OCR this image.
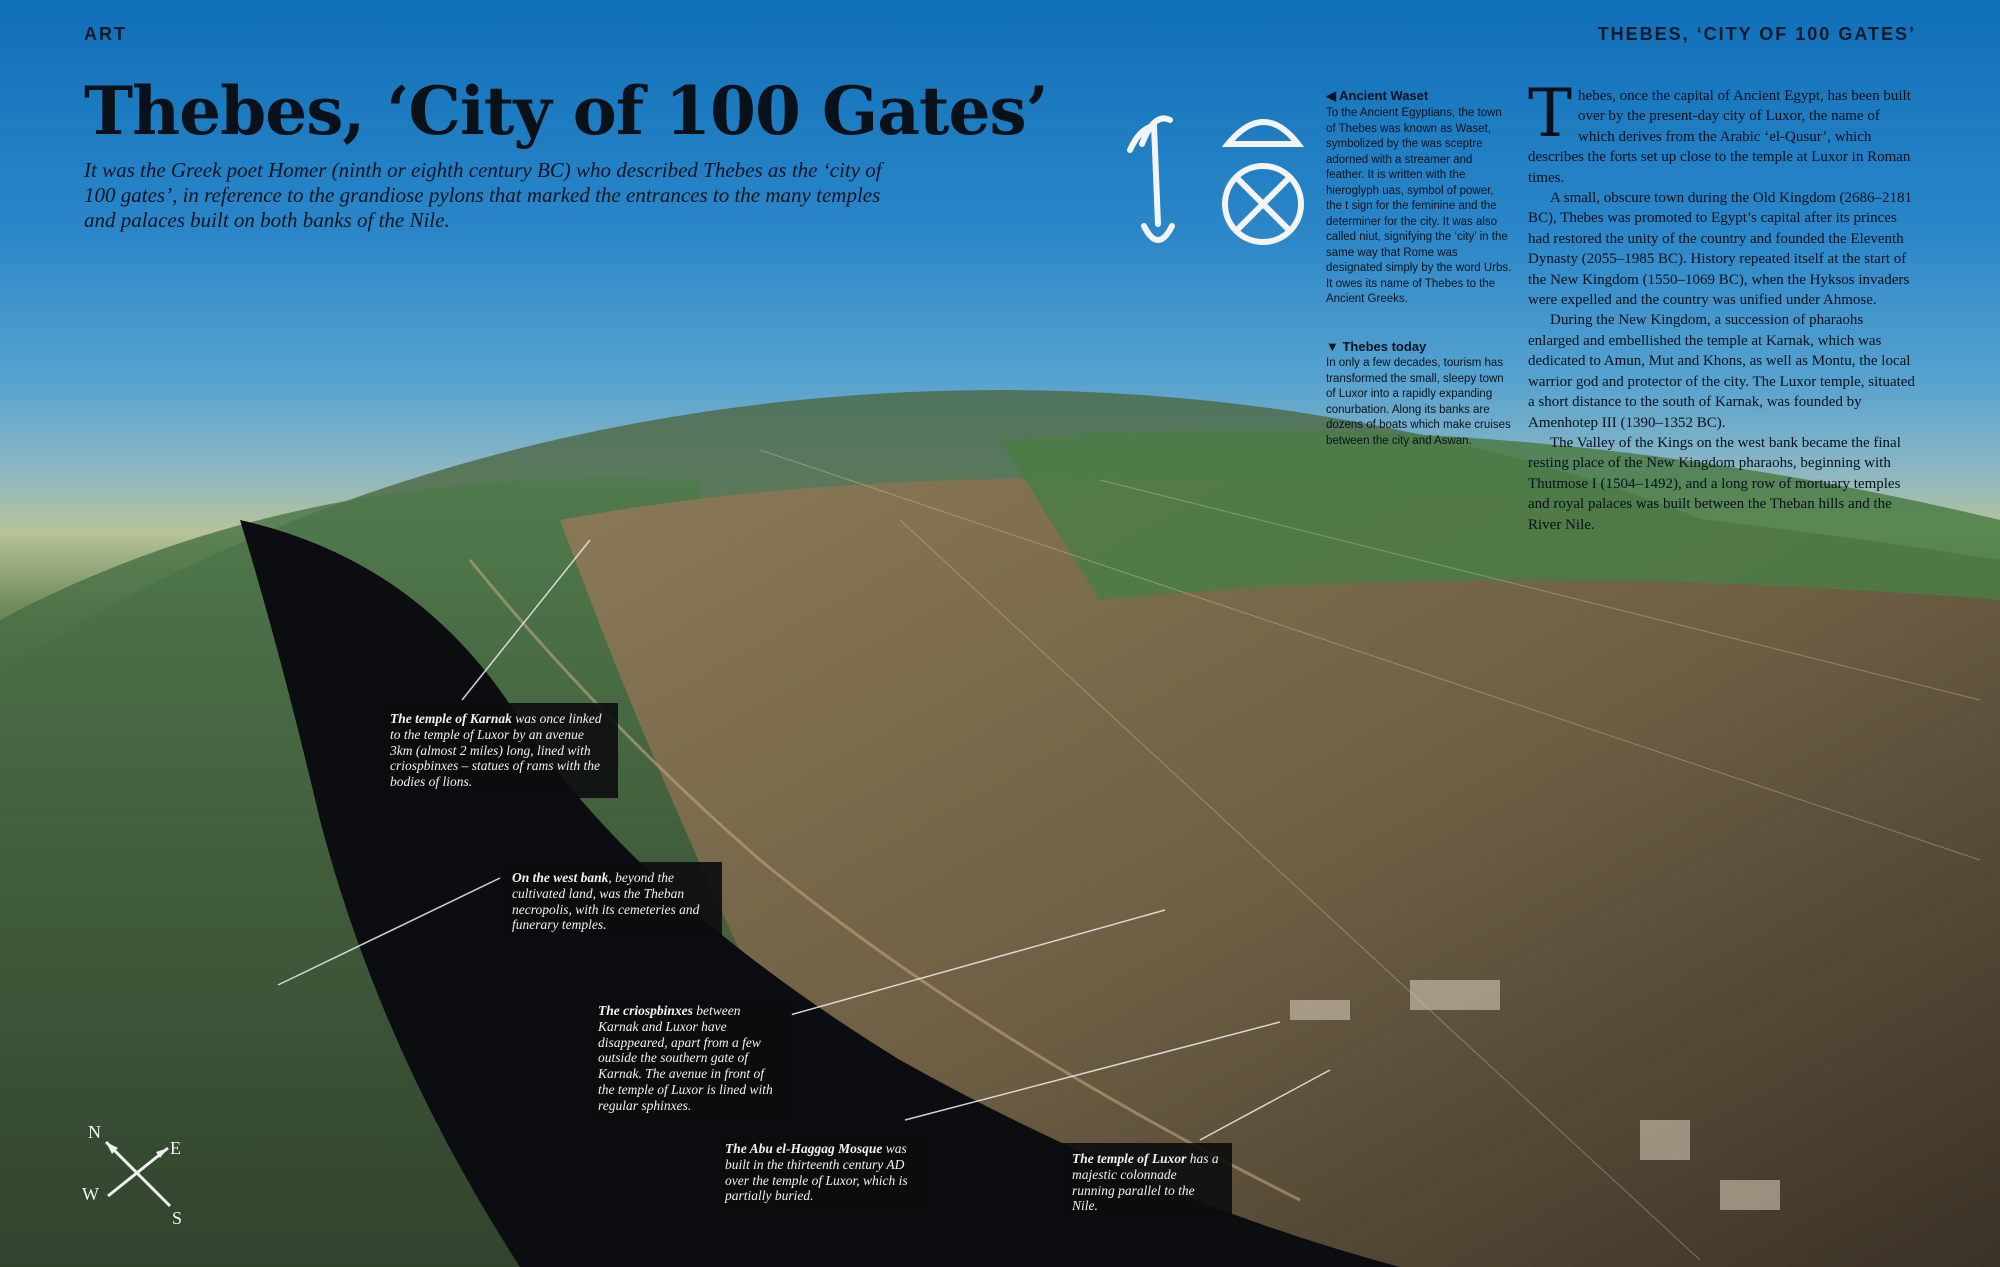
ART	THEBES, ‘CITY OF 100 GATES’
Thebes, ‘City of 100 Gates’
It was the Greek poet Homer (ninth or eighth century BC) who described Thebes as the ‘city of 100 gates’, in reference to the grandiose pylons that marked the entrances to the many temples and palaces built on both banks of the Nile.
◀ Ancient Waset

To the Ancient Egyptians, the town of Thebes was known as Waset, symbolized by the was sceptre adorned with a streamer and feather. It is written with the hieroglyph uas, symbol of power, the t sign for the feminine and the determiner for the city. It was also called niut, signifying the ‘city’ in the same way that Rome was designated simply by the word Urbs. It owes its name of Thebes to the Ancient Greeks.

▼ Thebes today

In only a few decades, tourism has transformed the small, sleepy town of Luxor into a rapidly expanding conurbation. Along its banks are dozens of boats which make cruises between the city and Aswan.

Thebes, once the capital of Ancient Egypt, has been built over by the present-day city of Luxor, the name of which derives from the Arabic ‘el-Qusur’, which describes the forts set up close to the temple at Luxor in Roman times.

A small, obscure town during the Old Kingdom (2686–2181 BC), Thebes was promoted to Egypt’s capital after its princes had restored the unity of the country and founded the Eleventh Dynasty (2055–1985 BC). History repeated itself at the start of the New Kingdom (1550–1069 BC), when the Hyksos invaders were expelled and the country was unified under Ahmose.

During the New Kingdom, a succession of pharaohs enlarged and embellished the temple at Karnak, which was dedicated to Amun, Mut and Khons, as well as Montu, the local warrior god and protector of the city. The Luxor temple, situated a short distance to the south of Karnak, was founded by Amenhotep III (1390–1352 BC).

The Valley of the Kings on the west bank became the final resting place of the New Kingdom pharaohs, beginning with Thutmose I (1504–1492), and a long row of mortuary temples and royal palaces was built between the Theban hills and the River Nile.

The temple of Karnak was once linked to the temple of Luxor by an avenue 3km (almost 2 miles) long, lined with criospbinxes – statues of rams with the bodies of lions.
On the west bank, beyond the cultivated land, was the Theban necropolis, with its cemeteries and funerary temples.
The criospbinxes between Karnak and Luxor have disappeared, apart from a few outside the southern gate of Karnak. The avenue in front of the temple of Luxor is lined with regular sphinxes.
The Abu el-Haggag Mosque was built in the thirteenth century AD over the temple of Luxor, which is partially buried.
The temple of Luxor has a majestic colonnade running parallel to the Nile.
N
E
W
S
